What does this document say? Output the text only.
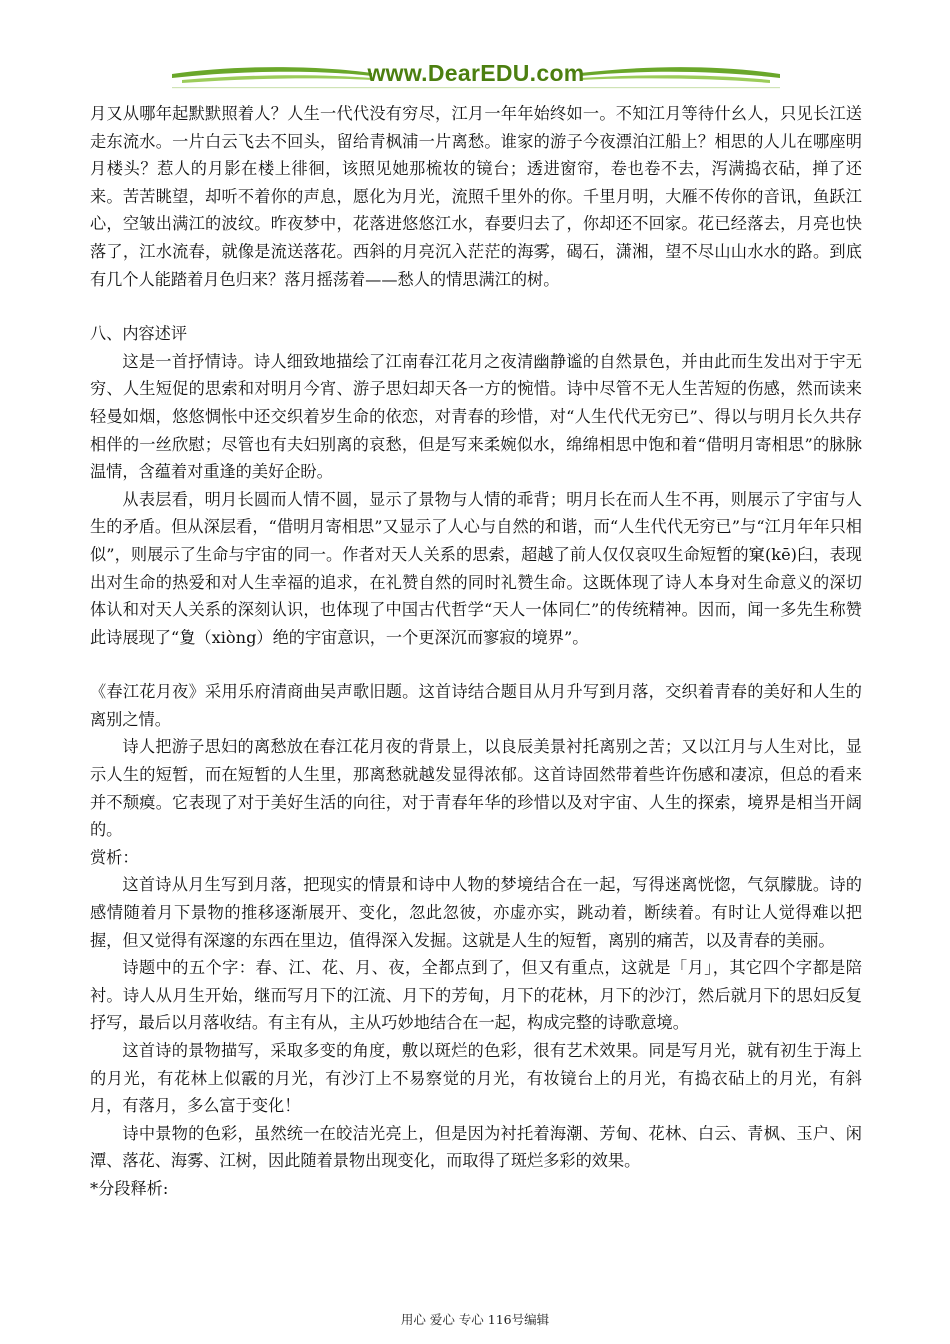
www.DearEDU.com

月又从哪年起默默照着人？人生一代代没有穷尽，江月一年年始终如一。不知江月等待什幺人，只见长江送走东流水。一片白云飞去不回头，留给青枫浦一片离愁。谁家的游子今夜漂泊江船上？相思的人儿在哪座明月楼头？惹人的月影在楼上徘徊，该照见她那梳妆的镜台；透进窗帘，卷也卷不去，泻满捣衣砧，掸了还来。苦苦眺望，却听不着你的声息，愿化为月光，流照千里外的你。千里月明，大雁不传你的音讯，鱼跃江心，空皱出满江的波纹。昨夜梦中，花落进悠悠江水，春要归去了，你却还不回家。花已经落去，月亮也快落了，江水流春，就像是流送落花。西斜的月亮沉入茫茫的海雾，碣石，潇湘，望不尽山山水水的路。到底有几个人能踏着月色归来？落月摇荡着——愁人的情思满江的树。

八、内容述评

这是一首抒情诗。诗人细致地描绘了江南春江花月之夜清幽静谧的自然景色，并由此而生发出对于宇无穷、人生短促的思索和对明月今宵、游子思妇却天各一方的惋惜。诗中尽管不无人生苦短的伤感，然而读来轻曼如烟，悠悠惆怅中还交织着岁生命的依恋，对青春的珍惜，对“人生代代无穷已”、得以与明月长久共存相伴的一丝欣慰；尽管也有夫妇别离的哀愁，但是写来柔婉似水，绵绵相思中饱和着“借明月寄相思”的脉脉温情，含蕴着对重逢的美好企盼。

从表层看，明月长圆而人情不圆，显示了景物与人情的乖背；明月长在而人生不再，则展示了宇宙与人生的矛盾。但从深层看，“借明月寄相思”又显示了人心与自然的和谐，而“人生代代无穷已”与“江月年年只相似”，则展示了生命与宇宙的同一。作者对天人关系的思索，超越了前人仅仅哀叹生命短暂的窠(kē)臼，表现出对生命的热爱和对人生幸福的追求，在礼赞自然的同时礼赞生命。这既体现了诗人本身对生命意义的深切体认和对天人关系的深刻认识，也体现了中国古代哲学“天人一体同仁”的传统精神。因而，闻一多先生称赞此诗展现了“夐（xiòng）绝的宇宙意识，一个更深沉而寥寂的境界”。

《春江花月夜》采用乐府清商曲吴声歌旧题。这首诗结合题目从月升写到月落，交织着青春的美好和人生的离别之情。

诗人把游子思妇的离愁放在春江花月夜的背景上，以良辰美景衬托离别之苦；又以江月与人生对比，显示人生的短暂，而在短暂的人生里，那离愁就越发显得浓郁。这首诗固然带着些许伤感和凄凉，但总的看来并不颓瘼。它表现了对于美好生活的向往，对于青春年华的珍惜以及对宇宙、人生的探索，境界是相当开阔的。

赏析：

这首诗从月生写到月落，把现实的情景和诗中人物的梦境结合在一起，写得迷离恍惚，气氛朦胧。诗的感情随着月下景物的推移逐渐展开、变化，忽此忽彼，亦虚亦实，跳动着，断续着。有时让人觉得难以把握，但又觉得有深邃的东西在里边，值得深入发掘。这就是人生的短暂，离别的痛苦，以及青春的美丽。

诗题中的五个字：春、江、花、月、夜，全都点到了，但又有重点，这就是「月」，其它四个字都是陪衬。诗人从月生开始，继而写月下的江流、月下的芳甸，月下的花林，月下的沙汀，然后就月下的思妇反复抒写，最后以月落收结。有主有从，主从巧妙地结合在一起，构成完整的诗歌意境。

这首诗的景物描写，采取多变的角度，敷以斑烂的色彩，很有艺术效果。同是写月光，就有初生于海上的月光，有花林上似霰的月光，有沙汀上不易察觉的月光，有妆镜台上的月光，有捣衣砧上的月光，有斜月，有落月，多么富于变化！

诗中景物的色彩，虽然统一在皎洁光亮上，但是因为衬托着海潮、芳甸、花林、白云、青枫、玉户、闲潭、落花、海雾、江树，因此随着景物出现变化，而取得了斑烂多彩的效果。

*分段释析:

用心 爱心 专心 116号编辑
